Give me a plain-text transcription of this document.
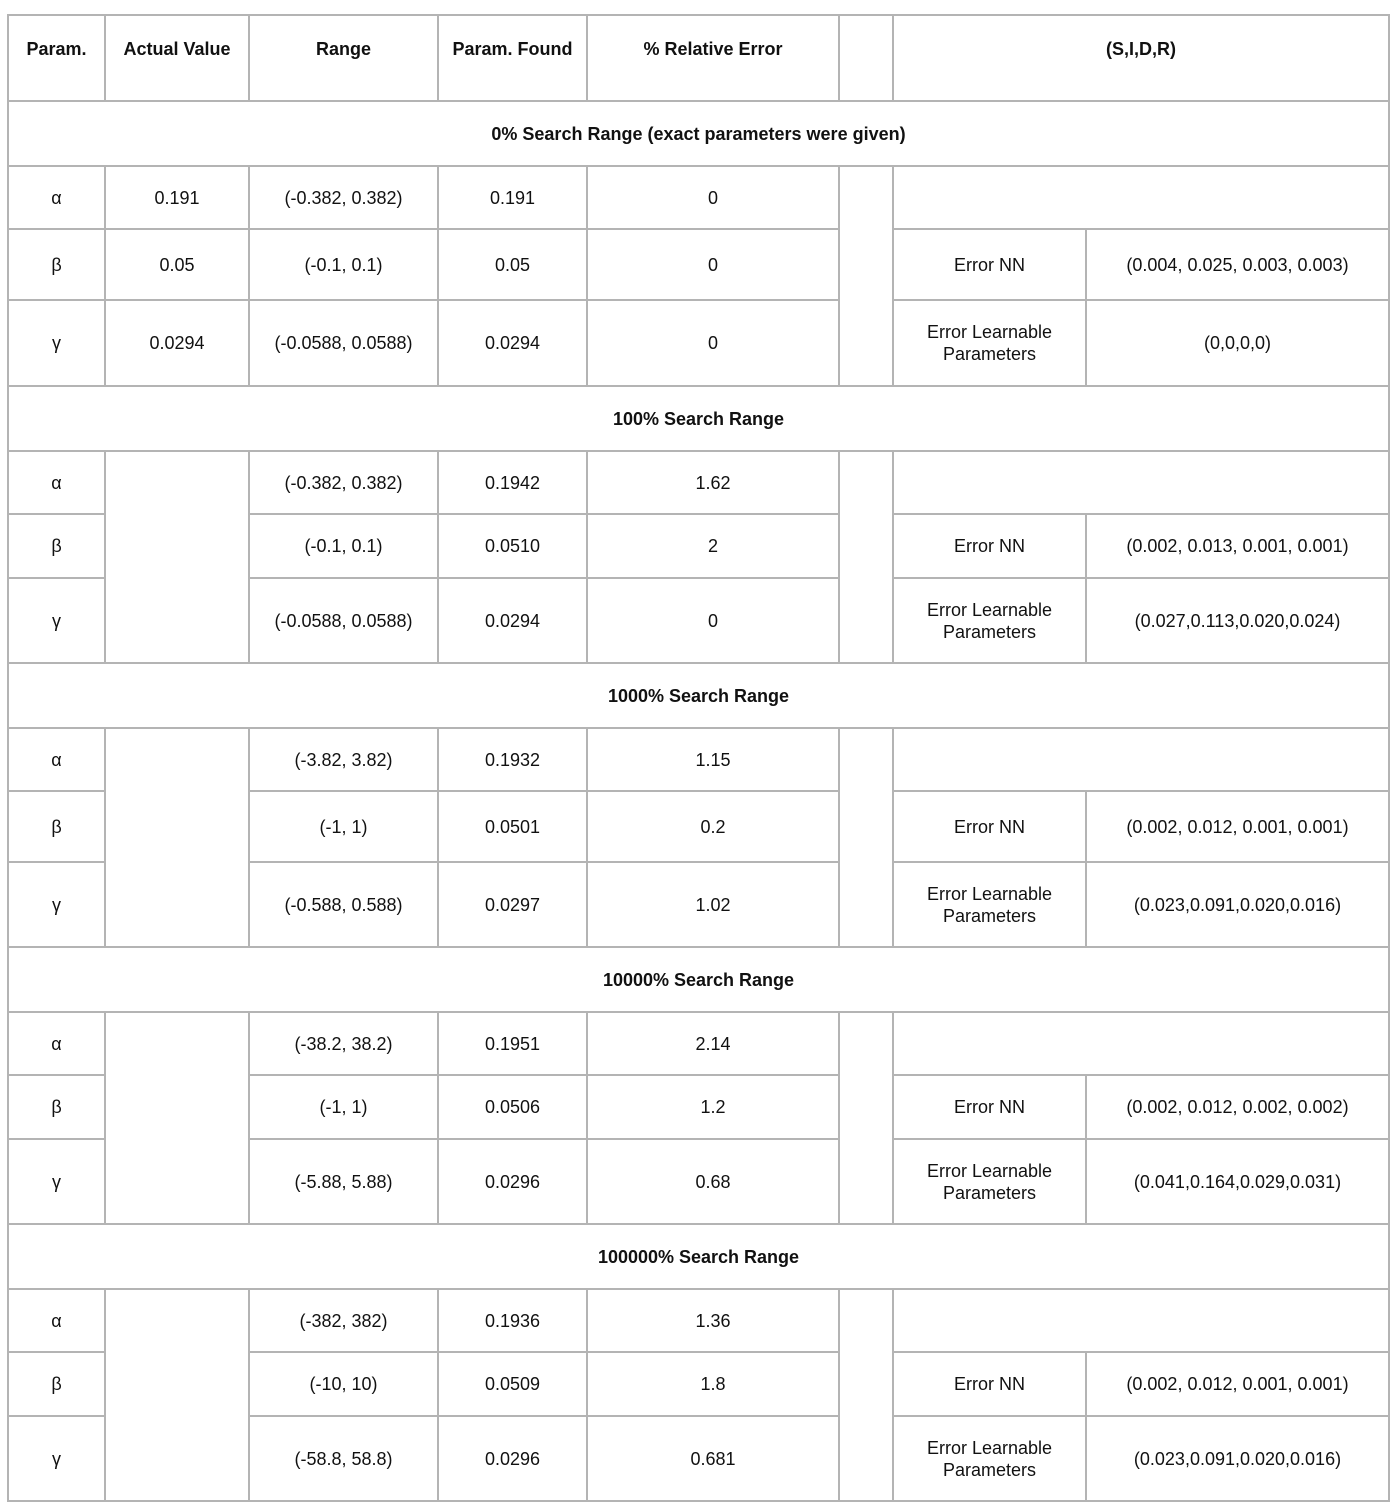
Param.	Actual Value	Range	Param. Found	% Relative Error		(S,I,D,R)	
0% Search Range (exact parameters were given)							
α	0.191	(-0.382, 0.382)	0.191	0			
β	0.05	(-0.1, 0.1)	0.05	0		Error NN	(0.004, 0.025, 0.003, 0.003)
γ	0.0294	(-0.0588, 0.0588)	0.0294	0		Error Learnable Parameters	(0,0,0,0)
100% Search Range							
α		(-0.382, 0.382)	0.1942	1.62			
β		(-0.1, 0.1)	0.0510	2		Error NN	(0.002, 0.013, 0.001, 0.001)
γ		(-0.0588, 0.0588)	0.0294	0		Error Learnable Parameters	(0.027,0.113,0.020,0.024)
1000% Search Range							
α		(-3.82, 3.82)	0.1932	1.15			
β		(-1, 1)	0.0501	0.2		Error NN	(0.002, 0.012, 0.001, 0.001)
γ		(-0.588, 0.588)	0.0297	1.02		Error Learnable Parameters	(0.023,0.091,0.020,0.016)
10000% Search Range							
α		(-38.2, 38.2)	0.1951	2.14			
β		(-1, 1)	0.0506	1.2		Error NN	(0.002, 0.012, 0.002, 0.002)
γ		(-5.88, 5.88)	0.0296	0.68		Error Learnable Parameters	(0.041,0.164,0.029,0.031)
100000% Search Range							
α		(-382, 382)	0.1936	1.36			
β		(-10, 10)	0.0509	1.8		Error NN	(0.002, 0.012, 0.001, 0.001)
γ		(-58.8, 58.8)	0.0296	0.681		Error Learnable Parameters	(0.023,0.091,0.020,0.016)
